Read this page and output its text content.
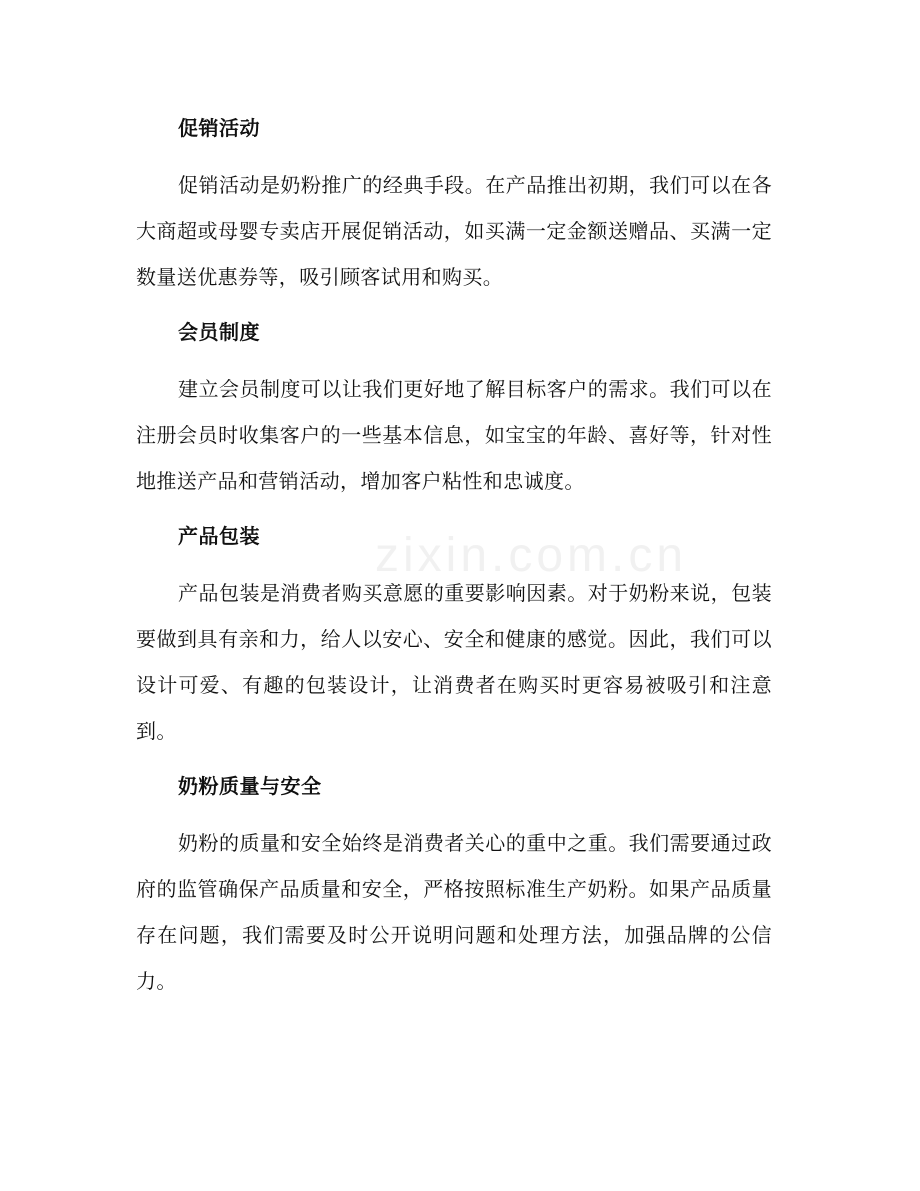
zixin.com.cn
促销活动

促销活动是奶粉推广的经典手段。在产品推出初期，我们可以在各大商超或母婴专卖店开展促销活动，如买满一定金额送赠品、买满一定数量送优惠券等，吸引顾客试用和购买。

会员制度

建立会员制度可以让我们更好地了解目标客户的需求。我们可以在注册会员时收集客户的一些基本信息，如宝宝的年龄、喜好等，针对性地推送产品和营销活动，增加客户粘性和忠诚度。

产品包装

产品包装是消费者购买意愿的重要影响因素。对于奶粉来说，包装要做到具有亲和力，给人以安心、安全和健康的感觉。因此，我们可以设计可爱、有趣的包装设计，让消费者在购买时更容易被吸引和注意到。

奶粉质量与安全

奶粉的质量和安全始终是消费者关心的重中之重。我们需要通过政府的监管确保产品质量和安全，严格按照标准生产奶粉。如果产品质量存在问题，我们需要及时公开说明问题和处理方法，加强品牌的公信力。
